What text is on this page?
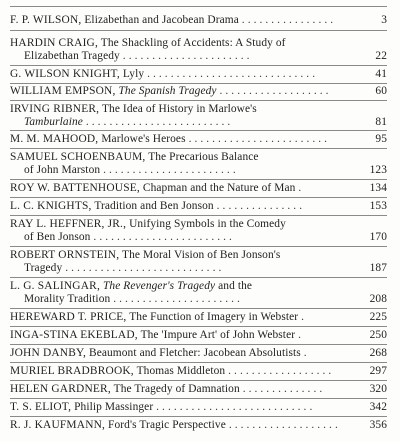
F. P. WILSON, Elizabethan and Jacobean Drama . . . . . . . . . . . . . . . .	3
HARDIN CRAIG, The Shackling of Accidents: A Study of
Elizabethan Tragedy . . . . . . . . . . . . . . . . . . . . . .	22
G. WILSON KNIGHT, Lyly . . . . . . . . . . . . . . . . . . . . . . . . . . . . .	41
WILLIAM EMPSON, The Spanish Tragedy . . . . . . . . . . . . . . . . . . .	60
IRVING RIBNER, The Idea of History in Marlowe's
Tamburlaine . . . . . . . . . . . . . . . . . . . . . . . . .	81
M. M. MAHOOD, Marlowe's Heroes . . . . . . . . . . . . . . . . . . . . . . . .	95
SAMUEL SCHOENBAUM, The Precarious Balance
of John Marston . . . . . . . . . . . . . . . . . . . . . . .	123
ROY W. BATTENHOUSE, Chapman and the Nature of Man .	134
L. C. KNIGHTS, Tradition and Ben Jonson . . . . . . . . . . . . . . .	153
RAY L. HEFFNER, JR., Unifying Symbols in the Comedy
of Ben Jonson . . . . . . . . . . . . . . . . . . . . . . . .	170
ROBERT ORNSTEIN, The Moral Vision of Ben Jonson's
Tragedy . . . . . . . . . . . . . . . . . . . . . . . . . . .	187
L. G. SALINGAR, The Revenger's Tragedy and the
Morality Tradition . . . . . . . . . . . . . . . . . . . . . .	208
HEREWARD T. PRICE, The Function of Imagery in Webster .	225
INGA-STINA EKEBLAD, The 'Impure Art' of John Webster .	250
JOHN DANBY, Beaumont and Fletcher: Jacobean Absolutists .	268
MURIEL BRADBROOK, Thomas Middleton . . . . . . . . . . . . . . . . . .	297
HELEN GARDNER, The Tragedy of Damnation . . . . . . . . . . . . . .	320
T. S. ELIOT, Philip Massinger . . . . . . . . . . . . . . . . . . . . . . . . . . .	342
R. J. KAUFMANN, Ford's Tragic Perspective . . . . . . . . . . . . . . . . . . .	356
